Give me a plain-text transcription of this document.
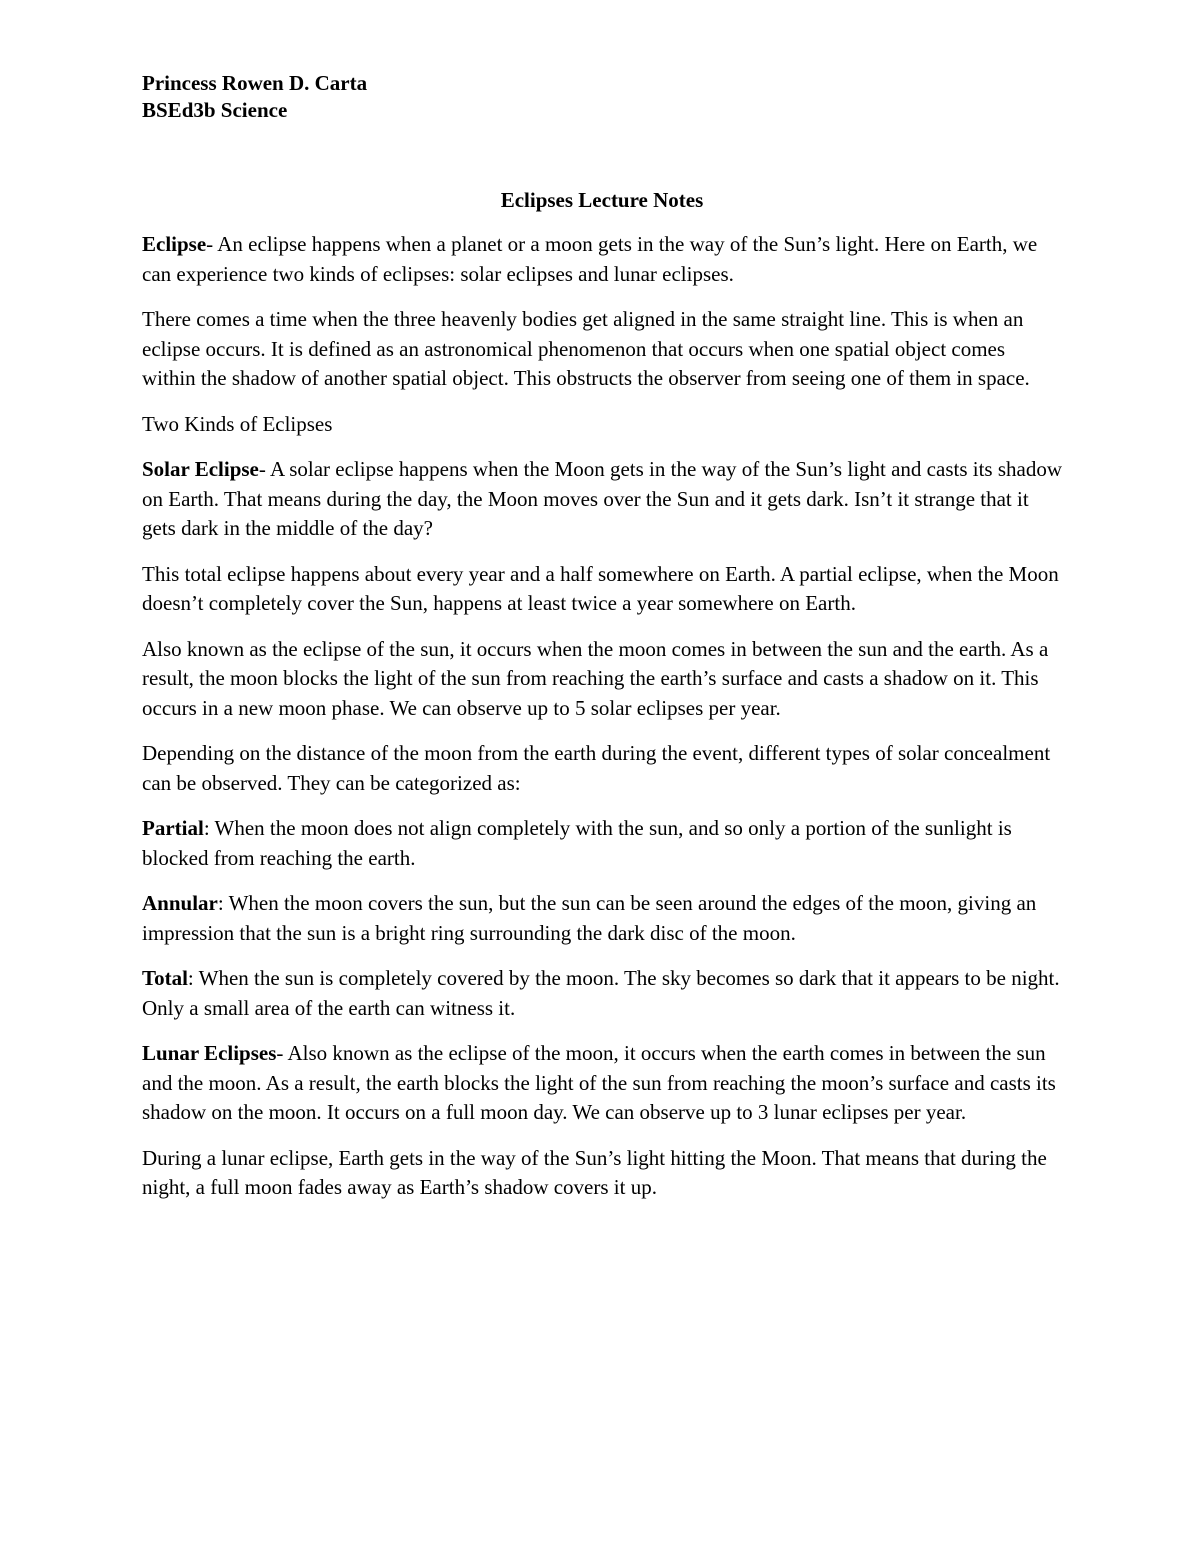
Princess Rowen D. Carta

BSEd3b Science

Eclipses Lecture Notes

Eclipse- An eclipse happens when a planet or a moon gets in the way of the Sun’s light. Here on Earth, we can experience two kinds of eclipses: solar eclipses and lunar eclipses.

There comes a time when the three heavenly bodies get aligned in the same straight line. This is when an eclipse occurs. It is defined as an astronomical phenomenon that occurs when one spatial object comes within the shadow of another spatial object. This obstructs the observer from seeing one of them in space.

Two Kinds of Eclipses

Solar Eclipse- A solar eclipse happens when the Moon gets in the way of the Sun’s light and casts its shadow on Earth. That means during the day, the Moon moves over the Sun and it gets dark. Isn’t it strange that it gets dark in the middle of the day?

This total eclipse happens about every year and a half somewhere on Earth. A partial eclipse, when the Moon doesn’t completely cover the Sun, happens at least twice a year somewhere on Earth.

Also known as the eclipse of the sun, it occurs when the moon comes in between the sun and the earth. As a result, the moon blocks the light of the sun from reaching the earth’s surface and casts a shadow on it. This occurs in a new moon phase. We can observe up to 5 solar eclipses per year.

Depending on the distance of the moon from the earth during the event, different types of solar concealment can be observed. They can be categorized as:

Partial: When the moon does not align completely with the sun, and so only a portion of the sunlight is blocked from reaching the earth.

Annular: When the moon covers the sun, but the sun can be seen around the edges of the moon, giving an impression that the sun is a bright ring surrounding the dark disc of the moon.

Total: When the sun is completely covered by the moon. The sky becomes so dark that it appears to be night. Only a small area of the earth can witness it.

Lunar Eclipses- Also known as the eclipse of the moon, it occurs when the earth comes in between the sun and the moon. As a result, the earth blocks the light of the sun from reaching the moon’s surface and casts its shadow on the moon. It occurs on a full moon day. We can observe up to 3 lunar eclipses per year.

During a lunar eclipse, Earth gets in the way of the Sun’s light hitting the Moon. That means that during the night, a full moon fades away as Earth’s shadow covers it up.
